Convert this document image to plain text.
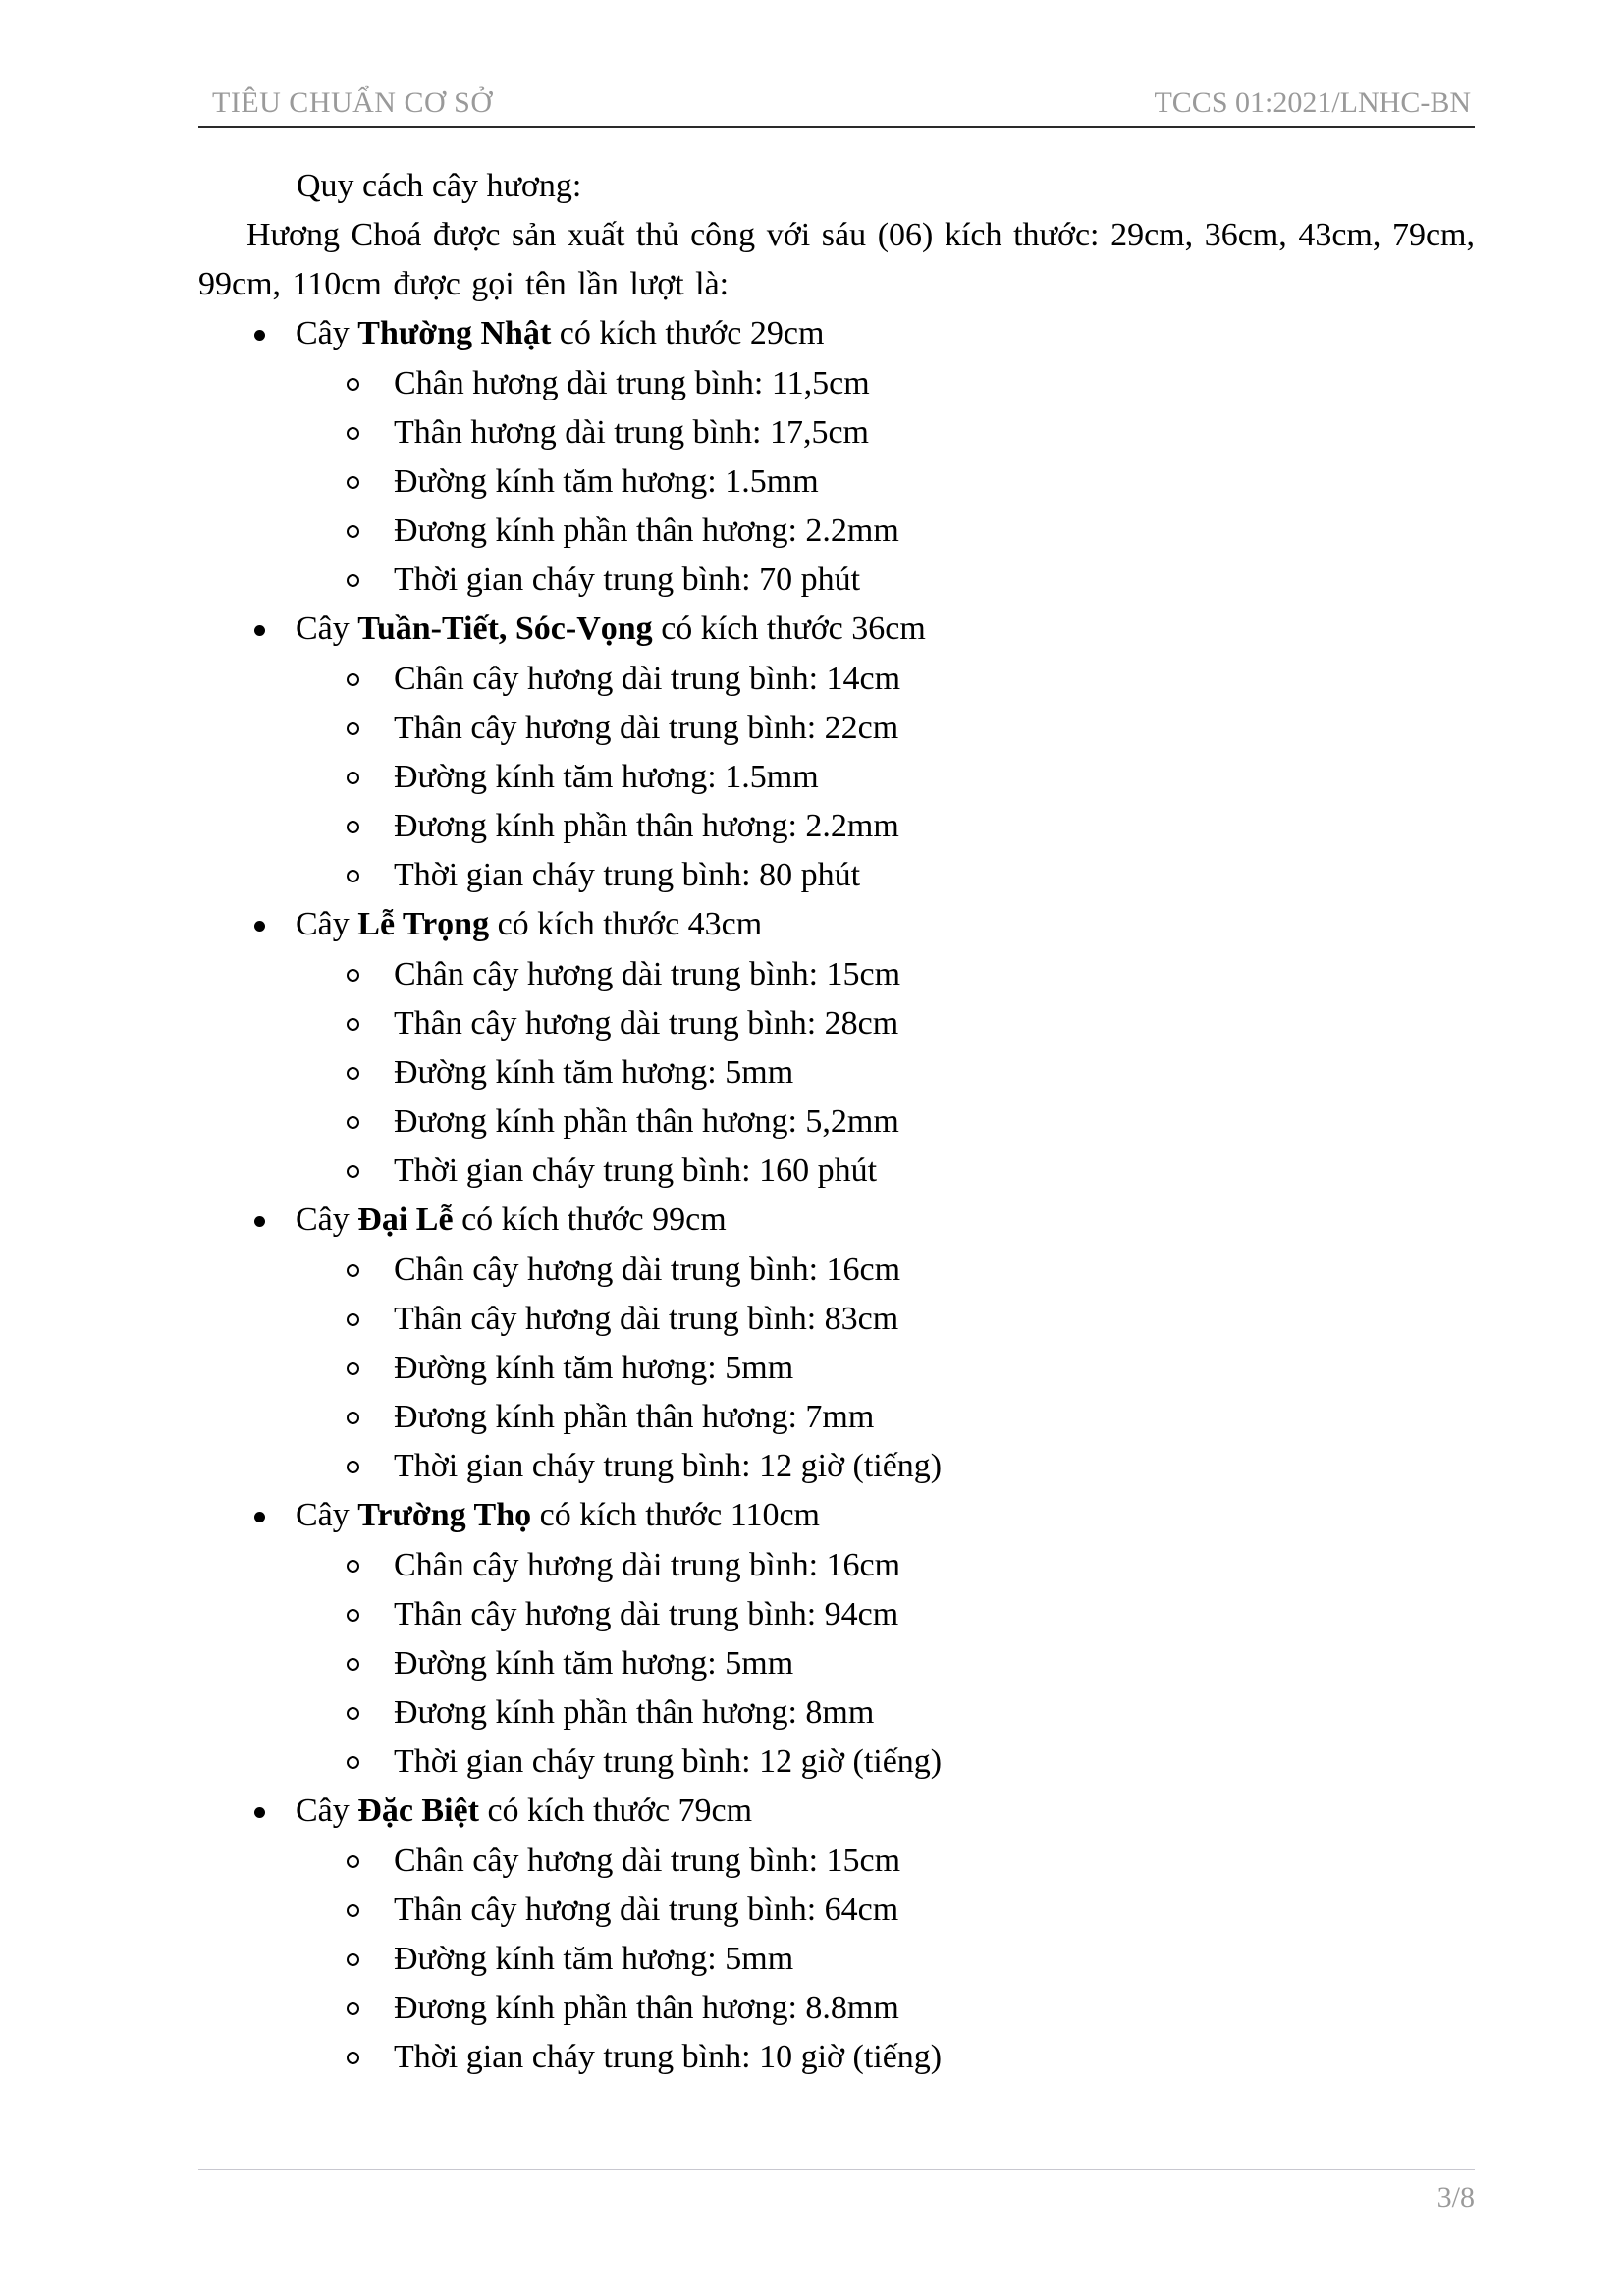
TIÊU CHUẨN CƠ SỞ	TCCS 01:2021/LNHC-BN

Quy cách cây hương:

Hương Choá được sản xuất thủ công với sáu (06) kích thước: 29cm, 36cm, 43cm, 79cm, 99cm, 110cm được gọi tên lần lượt là:

Cây Thường Nhật có kích thước 29cm
Chân hương dài trung bình: 11,5cm
Thân hương dài trung bình: 17,5cm
Đường kính tăm hương: 1.5mm
Đương kính phần thân hương: 2.2mm
Thời gian cháy trung bình: 70 phút
Cây Tuần-Tiết, Sóc-Vọng có kích thước 36cm
Chân cây hương dài trung bình: 14cm
Thân cây hương dài trung bình: 22cm
Đường kính tăm hương: 1.5mm
Đương kính phần thân hương: 2.2mm
Thời gian cháy trung bình: 80 phút
Cây Lễ Trọng có kích thước 43cm
Chân cây hương dài trung bình: 15cm
Thân cây hương dài trung bình: 28cm
Đường kính tăm hương: 5mm
Đương kính phần thân hương: 5,2mm
Thời gian cháy trung bình: 160 phút
Cây Đại Lễ có kích thước 99cm
Chân cây hương dài trung bình: 16cm
Thân cây hương dài trung bình: 83cm
Đường kính tăm hương: 5mm
Đương kính phần thân hương: 7mm
Thời gian cháy trung bình: 12 giờ (tiếng)
Cây Trường Thọ có kích thước 110cm
Chân cây hương dài trung bình: 16cm
Thân cây hương dài trung bình: 94cm
Đường kính tăm hương: 5mm
Đương kính phần thân hương: 8mm
Thời gian cháy trung bình: 12 giờ (tiếng)
Cây Đặc Biệt có kích thước 79cm
Chân cây hương dài trung bình: 15cm
Thân cây hương dài trung bình: 64cm
Đường kính tăm hương: 5mm
Đương kính phần thân hương: 8.8mm
Thời gian cháy trung bình: 10 giờ (tiếng)
3/8
